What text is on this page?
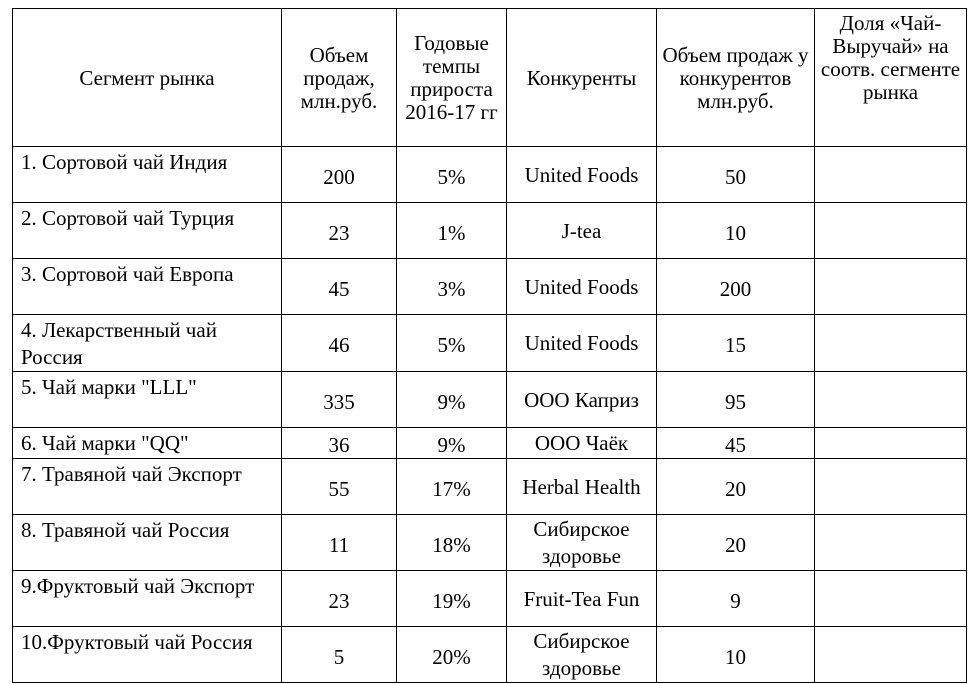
Сегмент рынка	Объем продаж, млн.руб.	Годовые темпы прироста 2016-17 гг	Конкуренты	Объем продаж у конкурентов млн.руб.	Доля «Чай-Выручай» на соотв. сегменте рынка
1. Сортовой чай Индия	200	5%	United Foods	50	
2. Сортовой чай Турция	23	1%	J-tea	10	
3. Сортовой чай Европа	45	3%	United Foods	200	
4. Лекарственный чай Россия	46	5%	United Foods	15	
5. Чай марки "LLL"	335	9%	ООО Каприз	95	
6. Чай марки "QQ"	36	9%	ООО Чаёк	45	
7. Травяной чай Экспорт	55	17%	Herbal Health	20	
8. Травяной чай Россия	11	18%	Сибирское здоровье	20	
9.Фруктовый чай Экспорт	23	19%	Fruit-Tea Fun	9	
10.Фруктовый чай Россия	5	20%	Сибирское здоровье	10	
